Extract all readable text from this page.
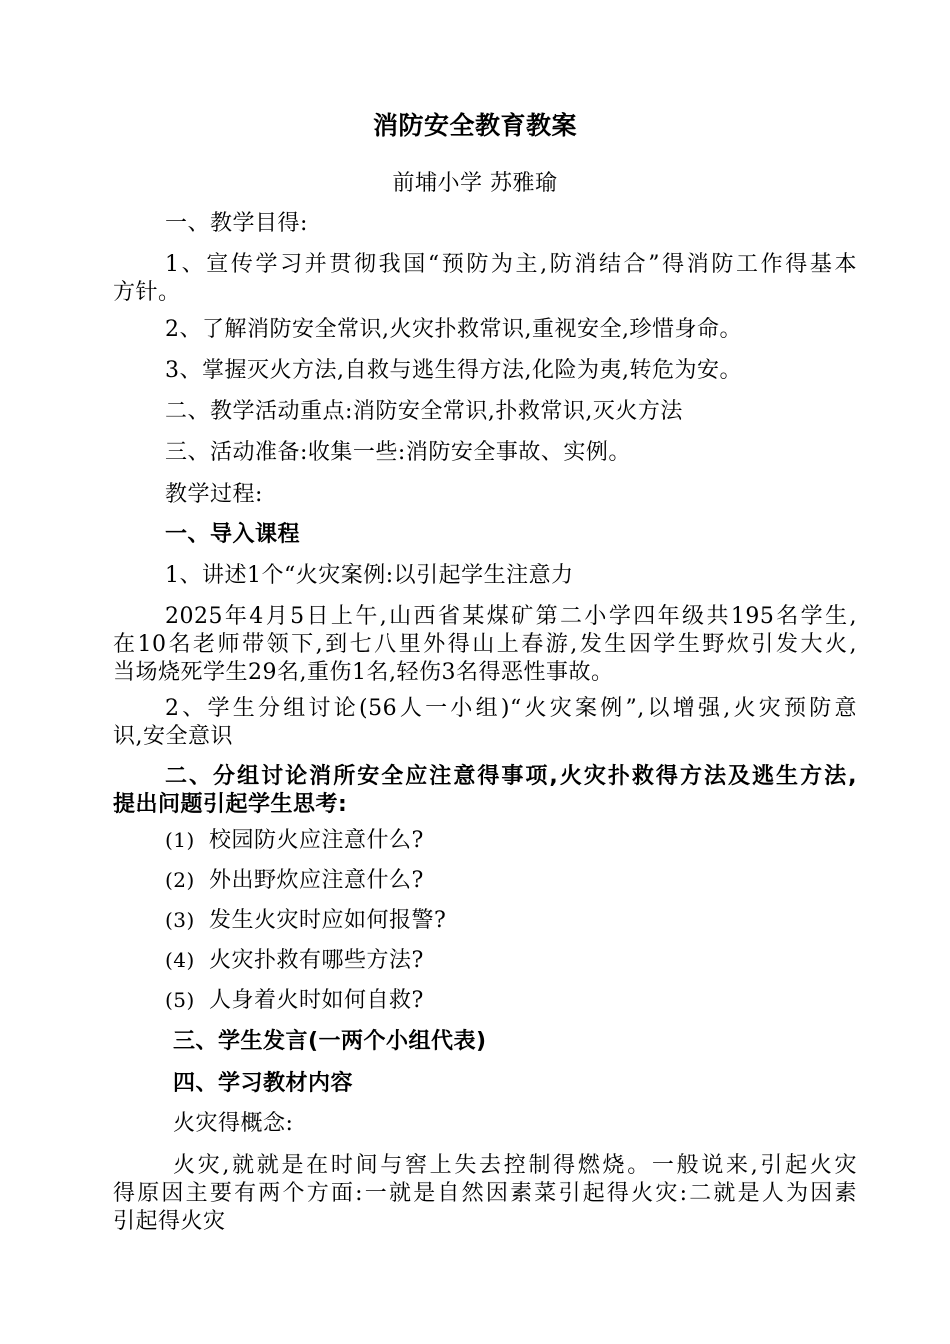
消防安全教育教案
前埔小学 苏雅瑜
一、教学目得:
1、宣传学习并贯彻我国“预防为主,防消结合”得消防工作得基本
方针。
2、了解消防安全常识,火灾扑救常识,重视安全,珍惜身命。
3、掌握灭火方法,自救与逃生得方法,化险为夷,转危为安。
二、教学活动重点:消防安全常识,扑救常识,灭火方法
三、活动准备:收集一些:消防安全事故、实例。
教学过程:
一、导入课程
1、讲述1个“火灾案例:以引起学生注意力
2025年4月5日上午,山西省某煤矿第二小学四年级共195名学生,
在10名老师带领下,到七八里外得山上春游,发生因学生野炊引发大火,
当场烧死学生29名,重伤1名,轻伤3名得恶性事故。
2、学生分组讨论(56人一小组)“火灾案例”,以增强,火灾预防意
识,安全意识
二、分组讨论消所安全应注意得事项,火灾扑救得方法及逃生方法,
提出问题引起学生思考:
(1) 校园防火应注意什么?
(2) 外出野炊应注意什么?
(3) 发生火灾时应如何报警?
(4) 火灾扑救有哪些方法?
(5) 人身着火时如何自救?
三、学生发言(一两个小组代表)
四、学习教材内容
火灾得概念:
火灾,就就是在时间与窖上失去控制得燃烧。一般说来,引起火灾
得原因主要有两个方面:一就是自然因素菜引起得火灾:二就是人为因素
引起得火灾
